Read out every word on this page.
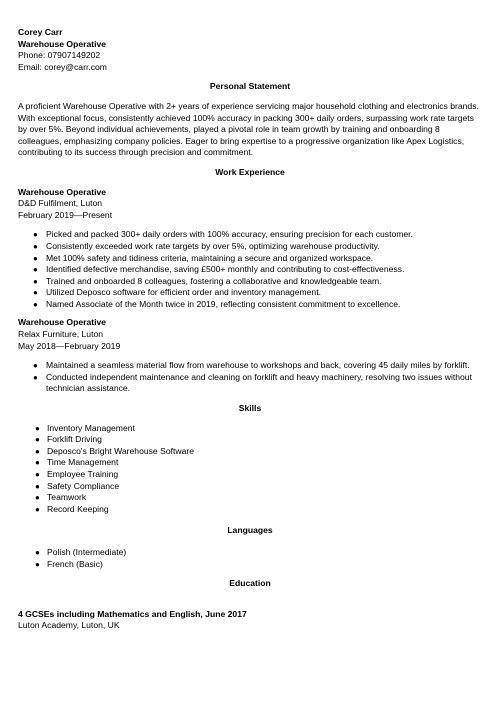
Corey Carr
Warehouse Operative
Phone: 07907149202
Email: corey@carr.com
Personal Statement

A proficient Warehouse Operative with 2+ years of experience servicing major household clothing and electronics brands. With exceptional focus, consistently achieved 100% accuracy in packing 300+ daily orders, surpassing work rate targets by over 5%. Beyond individual achievements, played a pivotal role in team growth by training and onboarding 8 colleagues, emphasizing company policies. Eager to bring expertise to a progressive organization like Apex Logistics, contributing to its success through precision and commitment.

Work Experience
Warehouse Operative
D&D Fulfilment, Luton
February 2019—Present
● Picked and packed 300+ daily orders with 100% accuracy, ensuring precision for each customer.
● Consistently exceeded work rate targets by over 5%, optimizing warehouse productivity.
● Met 100% safety and tidiness criteria, maintaining a secure and organized workspace.
● Identified defective merchandise, saving £500+ monthly and contributing to cost-effectiveness.
● Trained and onboarded 8 colleagues, fostering a collaborative and knowledgeable team.
● Utilized Deposco software for efficient order and inventory management.
● Named Associate of the Month twice in 2019, reflecting consistent commitment to excellence.
Warehouse Operative
Relax Furniture, Luton
May 2018—February 2019
● Maintained a seamless material flow from warehouse to workshops and back, covering 45 daily miles by forklift.
● Conducted independent maintenance and cleaning on forklift and heavy machinery, resolving two issues without technician assistance.
Skills
● Inventory Management
● Forklift Driving
● Deposco's Bright Warehouse Software
● Time Management
● Employee Training
● Safety Compliance
● Teamwork
● Record Keeping
Languages
● Polish (Intermediate)
● French (Basic)
Education
4 GCSEs including Mathematics and English, June 2017
Luton Academy, Luton, UK
